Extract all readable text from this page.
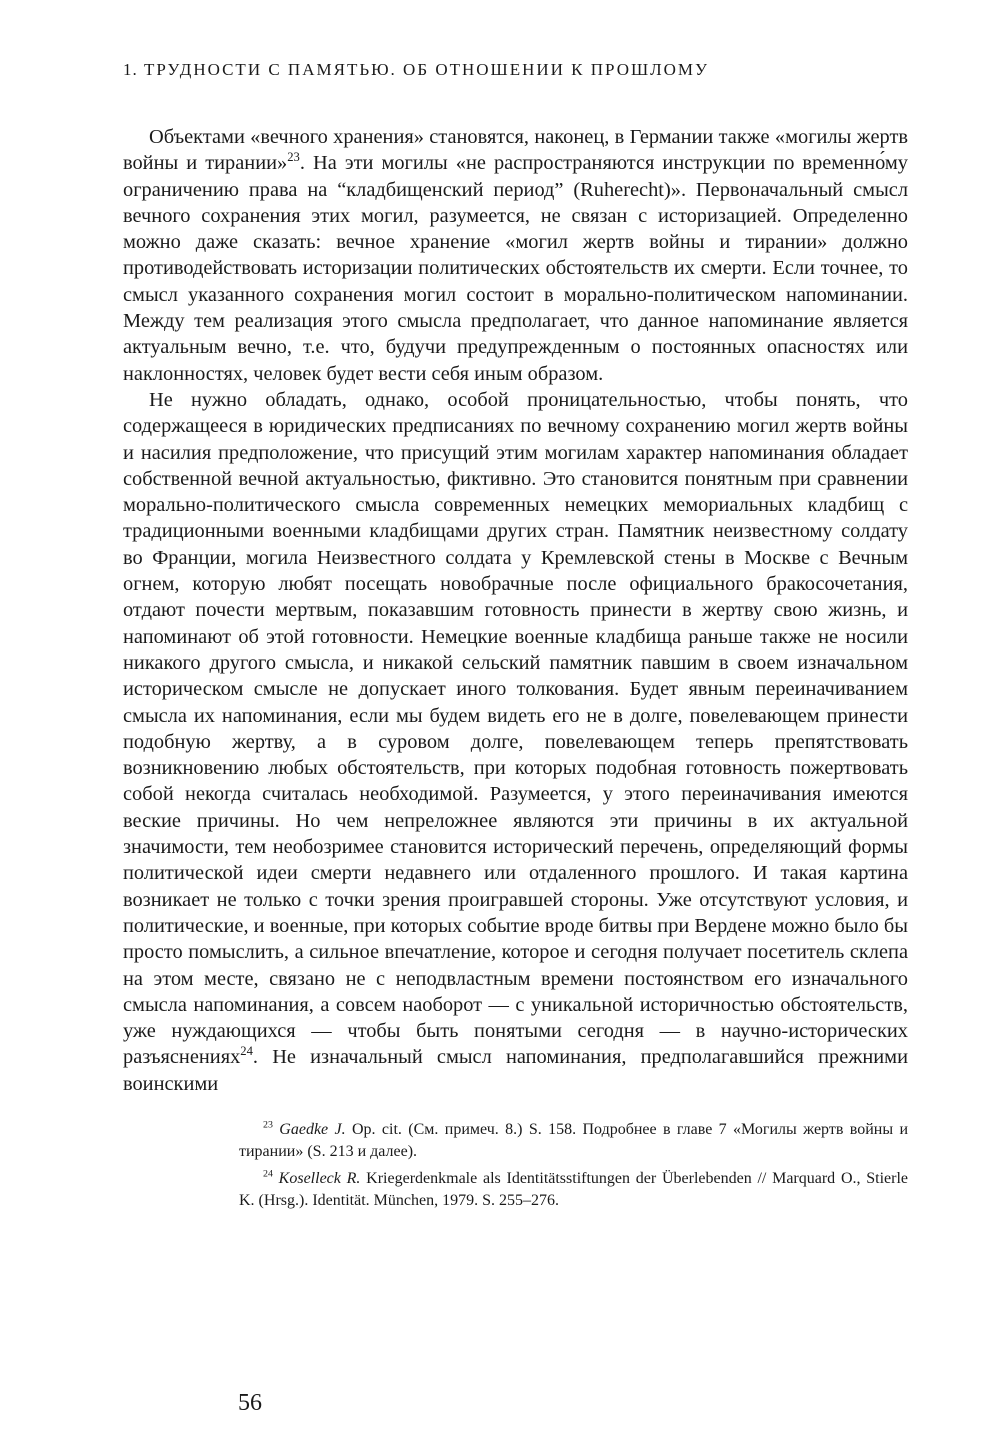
1. ТРУДНОСТИ С ПАМЯТЬЮ. ОБ ОТНОШЕНИИ К ПРОШЛОМУ

Объектами «вечного хранения» становятся, наконец, в Германии также «могилы жертв войны и тирании»$^{23}$. На эти могилы «не распространяются инструкции по временно́му ограничению права на “кладбищенский период” (Ruherecht)». Первоначальный смысл вечного сохранения этих могил, разумеется, не связан с историзацией. Определенно можно даже сказать: вечное хранение «могил жертв войны и тирании» должно противодействовать историзации политических обстоятельств их смерти. Если точнее, то смысл указанного сохранения могил состоит в морально-политическом напоминании. Между тем реализация этого смысла предполагает, что данное напоминание является актуальным вечно, т.е. что, будучи предупрежденным о постоянных опасностях или наклонностях, человек будет вести себя иным образом.

Не нужно обладать, однако, особой проницательностью, чтобы понять, что содержащееся в юридических предписаниях по вечному сохранению могил жертв войны и насилия предположение, что присущий этим могилам характер напоминания обладает собственной вечной актуальностью, фиктивно. Это становится понятным при сравнении морально-политического смысла современных немецких мемориальных кладбищ с традиционными военными кладбищами других стран. Памятник неизвестному солдату во Франции, могила Неизвестного солдата у Кремлевской стены в Москве с Вечным огнем, которую любят посещать новобрачные после официального бракосочетания, отдают почести мертвым, показавшим готовность принести в жертву свою жизнь, и напоминают об этой готовности. Немецкие военные кладбища раньше также не носили никакого другого смысла, и никакой сельский памятник павшим в своем изначальном историческом смысле не допускает иного толкования. Будет явным переиначиванием смысла их напоминания, если мы будем видеть его не в долге, повелевающем принести подобную жертву, а в суровом долге, повелевающем теперь препятствовать возникновению любых обстоятельств, при которых подобная готовность пожертвовать собой некогда считалась необходимой. Разумеется, у этого переиначивания имеются веские причины. Но чем непреложнее являются эти причины в их актуальной значимости, тем необозримее становится исторический перечень, определяющий формы политической идеи смерти недавнего или отдаленного прошлого. И такая картина возникает не только с точки зрения проигравшей стороны. Уже отсутствуют условия, и политические, и военные, при которых событие вроде битвы при Вердене можно было бы просто помыслить, а сильное впечатление, которое и сегодня получает посетитель склепа на этом месте, связано не с неподвластным времени постоянством его изначального смысла напоминания, а совсем наоборот — с уникальной историчностью обстоятельств, уже нуждающихся — чтобы быть понятыми сегодня — в научно-исторических разъяснениях$^{24}$. Не изначальный смысл напоминания, предполагавшийся прежними воинскими

$^{23}$ Gaedke J. Op. cit. (См. примеч. 8.) S. 158. Подробнее в главе 7 «Могилы жертв войны и тирании» (S. 213 и далее).

$^{24}$ Koselleck R. Kriegerdenkmale als Identitätsstiftungen der Überlebenden // Marquard O., Stierle K. (Hrsg.). Identität. München, 1979. S. 255–276.

56
